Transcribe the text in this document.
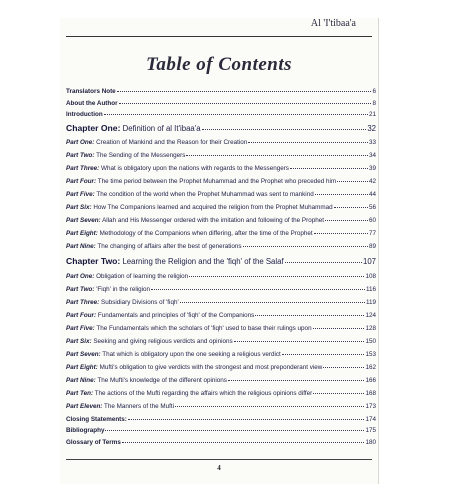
Al 'I'tibaa'a
Table of Contents
Translators Note	6
About the Author	8
Introduction	21
Chapter One: Definition of al It'ibaa'a	32
Part One: Creation of Mankind and the Reason for their Creation	33
Part Two: The Sending of the Messengers	34
Part Three: What is obligatory upon the nations with regards to the Messengers	39
Part Four: The time period between the Prophet Muhammad and the Prophet who preceded him	42
Part Five: The condition of the world when the Prophet Muhammad was sent to mankind	44
Part Six: How The Companions learned and acquired the religion from the Prophet Muhammad	56
Part Seven: Allah and His Messenger ordered with the imitation and following of the Prophet	60
Part Eight: Methodology of the Companions when differing, after the time of the Prophet	77
Part Nine: The changing of affairs after the best of generations	89
Chapter Two: Learning the Religion and the 'fiqh' of the Salaf	107
Part One: Obligation of learning the religion	108
Part Two: 'Fiqh' in the religion	116
Part Three: Subsidiary Divisions of 'fiqh'	119
Part Four: Fundamentals and principles of 'fiqh' of the Companions	124
Part Five: The Fundamentals which the scholars of 'fiqh' used to base their rulings upon	128
Part Six: Seeking and giving religious verdicts and opinions	150
Part Seven: That which is obligatory upon the one seeking a religious verdict	153
Part Eight: Mufti's obligation to give verdicts with the strongest and most preponderant view	162
Part Nine: The Mufti's knowledge of the different opinions	166
Part Ten: The actions of the Mufti regarding the affairs which the religious opinions differ	168
Part Eleven: The Manners of the Mufti	173
Closing Statements:	174
Bibliography	175
Glossary of Terms	180
4
